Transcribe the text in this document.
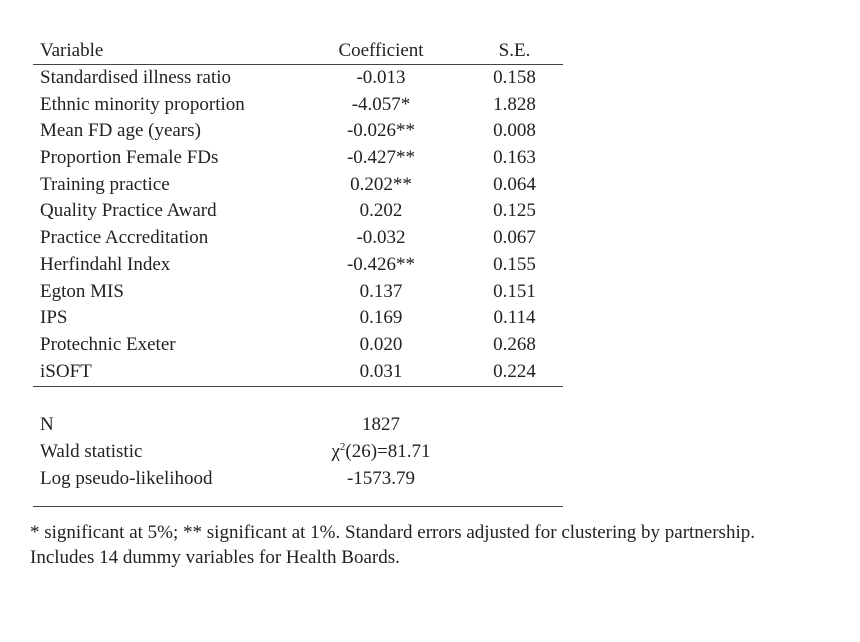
Variable	Coefficient	S.E.
Standardised illness ratio	-0.013	0.158
Ethnic minority proportion	-4.057*	1.828
Mean FD age (years)	-0.026**	0.008
Proportion Female FDs	-0.427**	0.163
Training practice	0.202**	0.064
Quality Practice Award	0.202	0.125
Practice Accreditation	-0.032	0.067
Herfindahl Index	-0.426**	0.155
Egton MIS	0.137	0.151
IPS	0.169	0.114
Protechnic Exeter	0.020	0.268
iSOFT	0.031	0.224
N	1827
Wald statistic	$\chi^2(26)=81.71$
Log pseudo-likelihood	-1573.79
* significant at 5%; ** significant at 1%. Standard errors adjusted for clustering by partnership.
Includes 14 dummy variables for Health Boards.
